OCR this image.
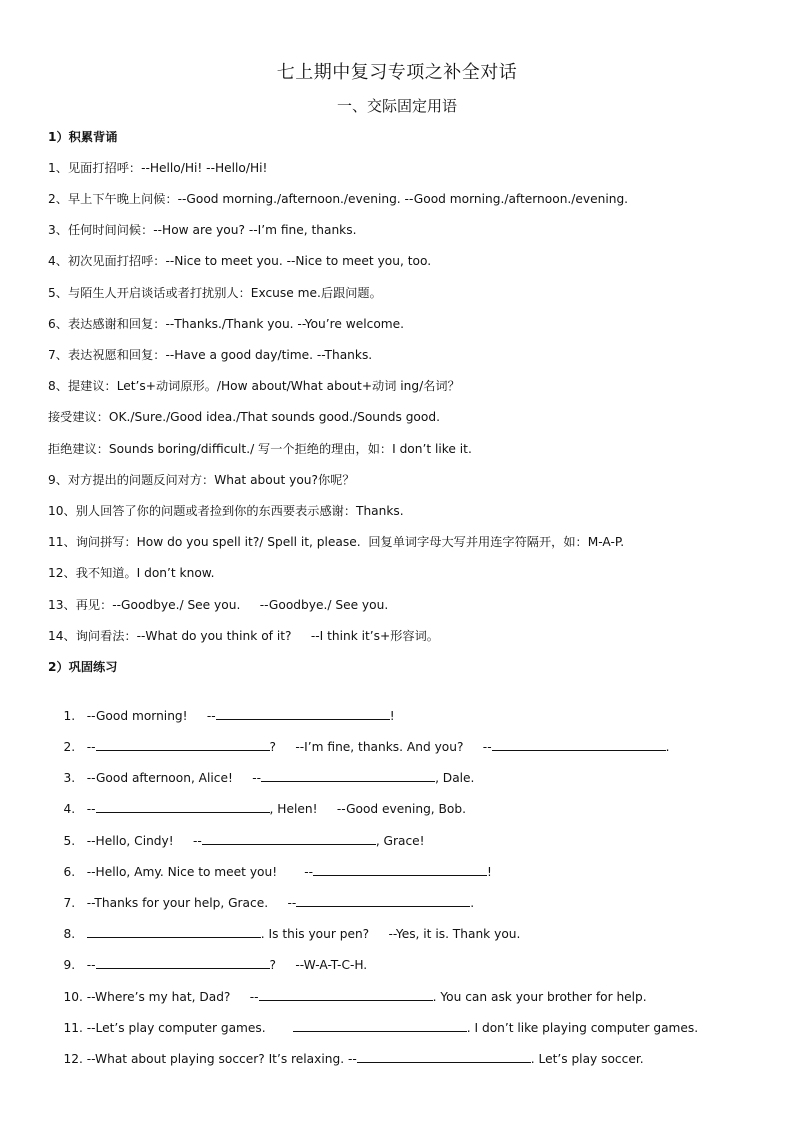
七上期中复习专项之补全对话
一、交际固定用语
1）积累背诵
1、见面打招呼：--Hello/Hi! --Hello/Hi!
2、早上下午晚上问候：--Good morning./afternoon./evening. --Good morning./afternoon./evening.
3、任何时间问候：--How are you? --I’m fine, thanks.
4、初次见面打招呼：--Nice to meet you. --Nice to meet you, too.
5、与陌生人开启谈话或者打扰别人：Excuse me.后跟问题。
6、表达感谢和回复：--Thanks./Thank you. --You’re welcome.
7、表达祝愿和回复：--Have a good day/time. --Thanks.
8、提建议：Let’s+动词原形。/How about/What about+动词 ing/名词？
接受建议：OK./Sure./Good idea./That sounds good./Sounds good.
拒绝建议：Sounds boring/difficult./ 写一个拒绝的理由，如：I don’t like it.
9、对方提出的问题反问对方：What about you?你呢？
10、别人回答了你的问题或者捡到你的东西要表示感谢：Thanks.
11、询问拼写：How do you spell it?/ Spell it, please.  回复单词字母大写并用连字符隔开，如：M-A-P.
12、我不知道。I don’t know.
13、再见：--Goodbye./ See you.     --Goodbye./ See you.
14、询问看法：--What do you think of it?     --I think it’s+形容词。
2）巩固练习

1.   --Good morning!     --	!

2.   --	?     --I’m fine, thanks. And you?     --	.

3.   --Good afternoon, Alice!     --	, Dale.

4.   --	, Helen!     --Good evening, Bob.

5.   --Hello, Cindy!     --	, Grace!

6.   --Hello, Amy. Nice to meet you!       --	!

7.   --Thanks for your help, Grace.     --	.

8.	. Is this your pen?     --Yes, it is. Thank you.

9.   --	?     --W-A-T-C-H.

10. --Where’s my hat, Dad?     --	. You can ask your brother for help.

11. --Let’s play computer games.	. I don’t like playing computer games.

12. --What about playing soccer? It’s relaxing. --	. Let’s play soccer.
